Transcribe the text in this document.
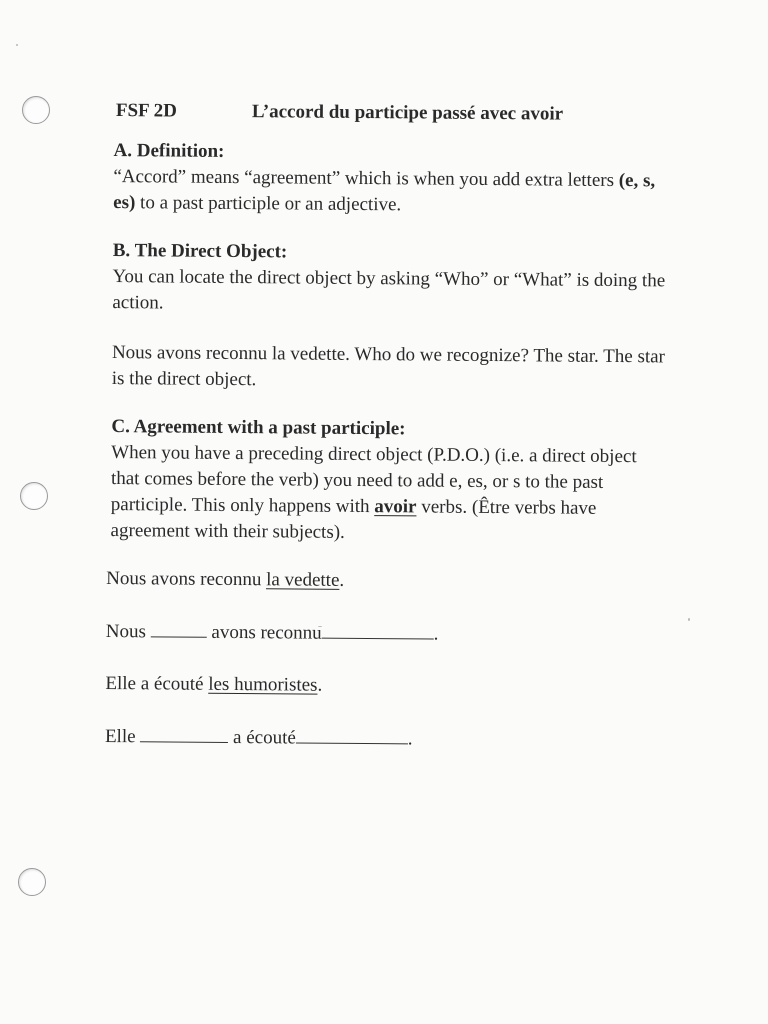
FSF 2D	L’accord du participe passé avec avoir

A. Definition:

“Accord” means “agreement” which is when you add extra letters (e, s, es) to a past participle or an adjective.

B. The Direct Object:

You can locate the direct object by asking “Who” or “What” is doing the action.

Nous avons reconnu la vedette. Who do we recognize? The star. The star is the direct object.

C. Agreement with a past participle:

When you have a preceding direct object (P.D.O.) (i.e. a direct object that comes before the verb) you need to add e, es, or s to the past participle. This only happens with avoir verbs. (Être verbs have agreement with their subjects).

Nous avons reconnu la vedette.

Nous	avons reconnu	.

Elle a écouté les humoristes.

Elle	a écouté	.
